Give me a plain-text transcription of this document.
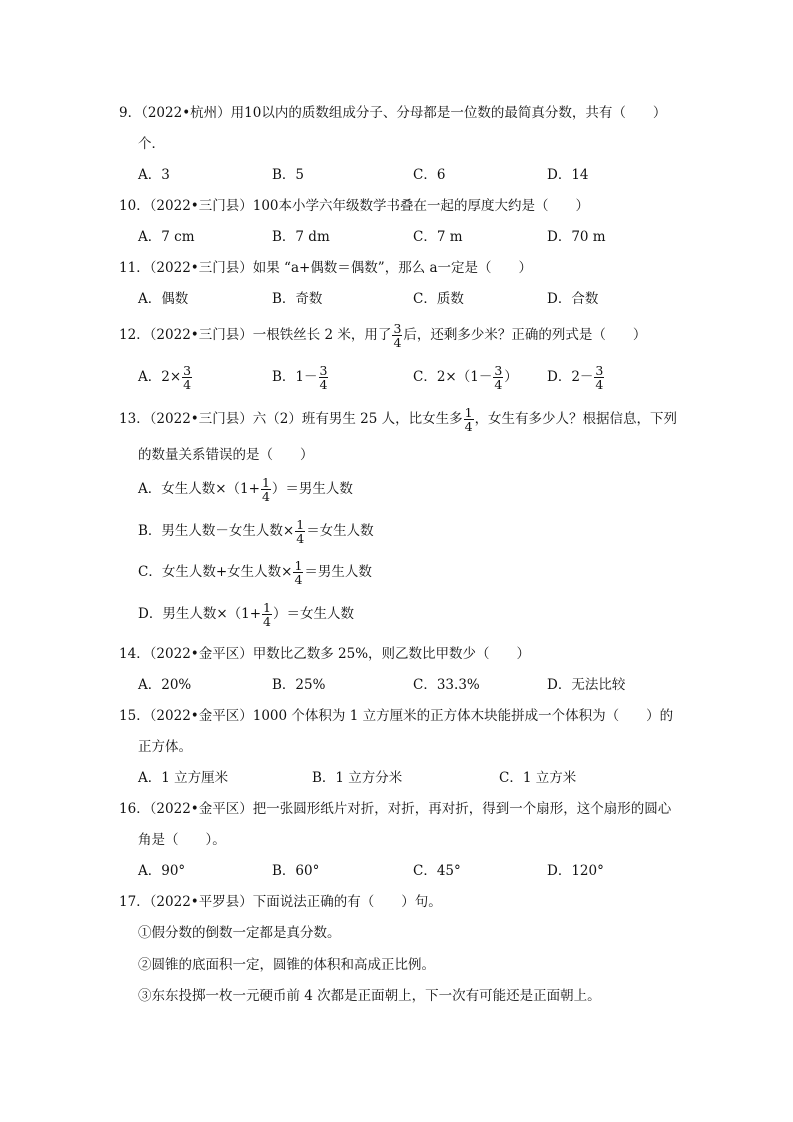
9．（2022•杭州）用10以内的质数组成分子、分母都是一位数的最简真分数，共有（　　）
个．
A．3	B．5	C．6	D．14
10．（2022•三门县）100本小学六年级数学书叠在一起的厚度大约是（　　）
A．7 cm	B．7 dm	C．7 m	D．70 m
11．（2022•三门县）如果 “a+偶数＝偶数”，那么 a一定是（　　）
A．偶数	B．奇数	C．质数	D．合数
12．（2022•三门县）一根铁丝长 2 米，用了 $\frac{3}{4}$ 后，还剩多少米？正确的列式是（　　）
A．$2\times \frac{3}{4}$	B．$1- \frac{3}{4}$	C．$2\times(1- \frac{3}{4}$ ） D．$2- \frac{3}{4}$
13．（2022•三门县）六（2）班有男生 25 人，比女生多 $\frac{1}{4}$ ，女生有多少人？根据信息，下列
的数量关系错误的是（　　）
A．女生人数$\times(1+ \frac{1}{4}$ ）＝男生人数
B．男生人数－女生人数× $\frac{1}{4}$ ＝女生人数
C．女生人数+女生人数× $\frac{1}{4}$ ＝男生人数
D．男生人数$\times(1+ \frac{1}{4}$ ）＝女生人数
14．（2022•金平区）甲数比乙数多 25%，则乙数比甲数少（　　）
A．20%	B．25%	C．33.3%	D．无法比较
15．（2022•金平区）1000 个体积为 1 立方厘米的正方体木块能拼成一个体积为（　　）的
正方体。
A．1 立方厘米	B．1 立方分米	C．1 立方米
16．（2022•金平区）把一张圆形纸片对折，对折，再对折，得到一个扇形，这个扇形的圆心
角是（　　）。
A．90°	B．60°	C．45°	D．120°
17．（2022•平罗县）下面说法正确的有（　　）句。
①假分数的倒数一定都是真分数。
②圆锥的底面积一定，圆锥的体积和高成正比例。
③东东投掷一枚一元硬币前 4 次都是正面朝上，下一次有可能还是正面朝上。
